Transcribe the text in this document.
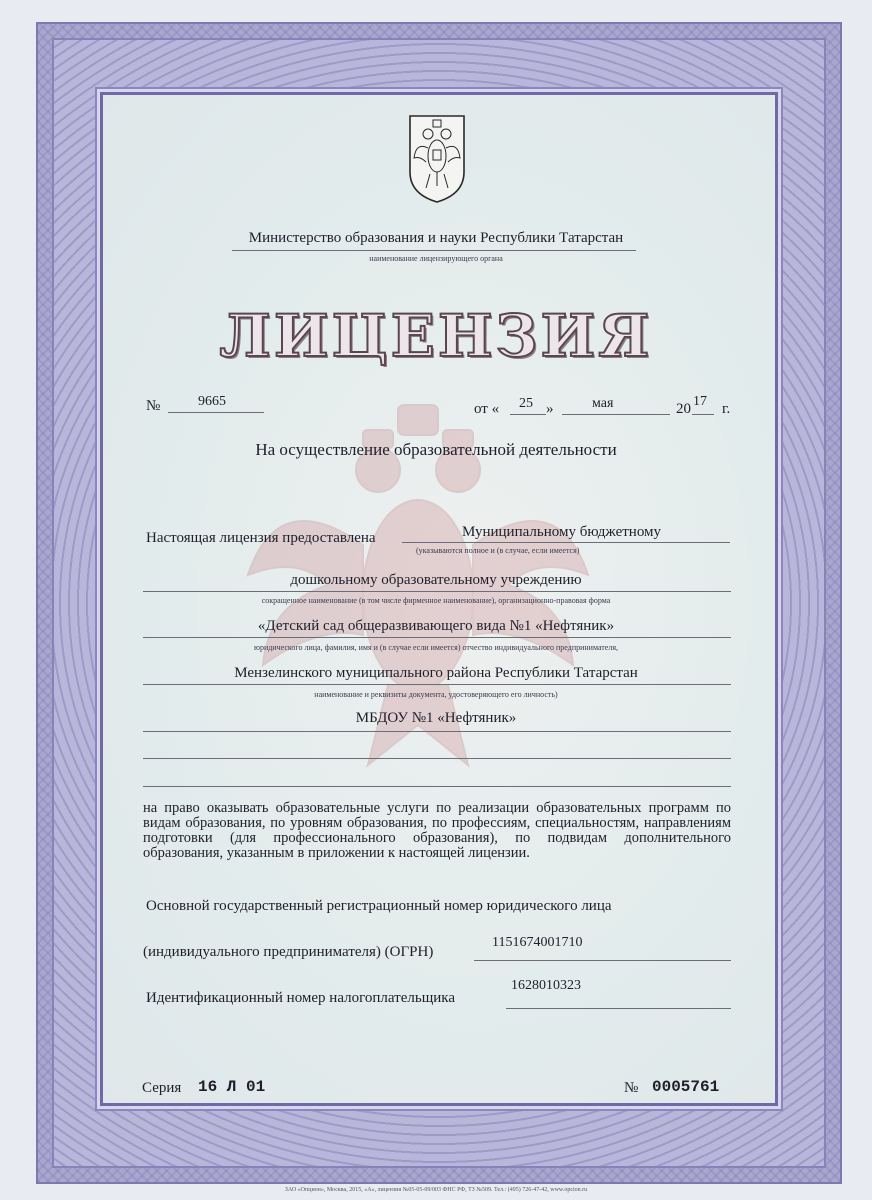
Министерство образования и науки Республики Татарстан
наименование лицензирующего органа
ЛИЦЕНЗИЯ
№	9665	от « 25 »	мая	20 17 г.
На осуществление образовательной деятельности
Настоящая лицензия предоставлена	Муниципальному бюджетному
(указываются полное и (в случае, если имеется)
дошкольному образовательному учреждению
сокращенное наименование (в том числе фирменное наименование), организационно-правовая форма
«Детский сад общеразвивающего вида №1 «Нефтяник»
юридического лица, фамилия, имя и (в случае если имеется) отчество индивидуального предпринимателя,
Мензелинского муниципального района Республики Татарстан
наименование и реквизиты документа, удостоверяющего его личность)
МБДОУ №1 «Нефтяник»
на право оказывать образовательные услуги по реализации образовательных программ по видам образования, по уровням образования, по профессиям, специальностям, направлениям подготовки (для профессионального образования), по подвидам дополнительного образования, указанным в приложении к настоящей лицензии.
Основной государственный регистрационный номер юридического лица
(индивидуального предпринимателя) (ОГРН)
1151674001710
Идентификационный номер налогоплательщика
1628010323
Серия 16 Л 01	№ 0005761
ЗАО «Опцион», Москва, 2015, «А», лицензия №05-05-09/003 ФНС РФ, ТЗ №509. Тел.: (495) 726-47-42, www.opcion.ru
